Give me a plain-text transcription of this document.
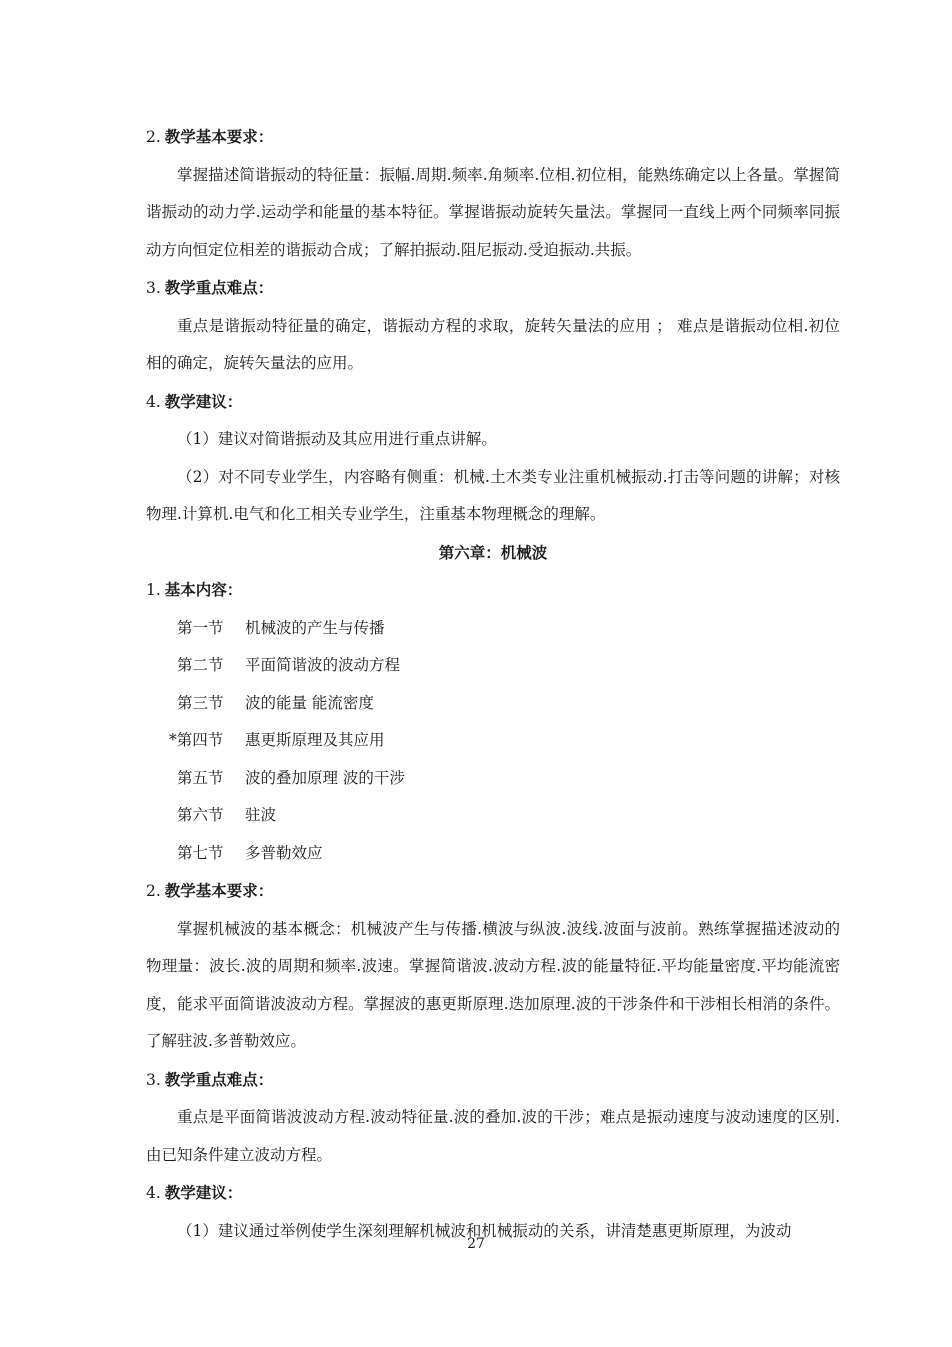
2. 教学基本要求：

掌握描述简谐振动的特征量：振幅.周期.频率.角频率.位相.初位相，能熟练确定以上各量。掌握简谐振动的动力学.运动学和能量的基本特征。掌握谐振动旋转矢量法。掌握同一直线上两个同频率同振动方向恒定位相差的谐振动合成；了解拍振动.阻尼振动.受迫振动.共振。

3. 教学重点难点：

重点是谐振动特征量的确定，谐振动方程的求取，旋转矢量法的应用 ； 难点是谐振动位相.初位相的确定，旋转矢量法的应用。

4. 教学建议：

（1）建议对简谐振动及其应用进行重点讲解。

（2）对不同专业学生，内容略有侧重：机械.土木类专业注重机械振动.打击等问题的讲解；对核物理.计算机.电气和化工相关专业学生，注重基本物理概念的理解。

第六章：机械波

1. 基本内容：

第一节 机械波的产生与传播

第二节 平面简谐波的波动方程

第三节 波的能量 能流密度

*第四节 惠更斯原理及其应用

第五节 波的叠加原理 波的干涉

第六节 驻波

第七节 多普勒效应

2. 教学基本要求：

掌握机械波的基本概念：机械波产生与传播.横波与纵波.波线.波面与波前。熟练掌握描述波动的物理量：波长.波的周期和频率.波速。掌握简谐波.波动方程.波的能量特征.平均能量密度.平均能流密度，能求平面简谐波波动方程。掌握波的惠更斯原理.迭加原理.波的干涉条件和干涉相长相消的条件。了解驻波.多普勒效应。

3. 教学重点难点：

重点是平面简谐波波动方程.波动特征量.波的叠加.波的干涉；难点是振动速度与波动速度的区别.由已知条件建立波动方程。

4. 教学建议：

（1）建议通过举例使学生深刻理解机械波和机械振动的关系，讲清楚惠更斯原理，为波动

27
